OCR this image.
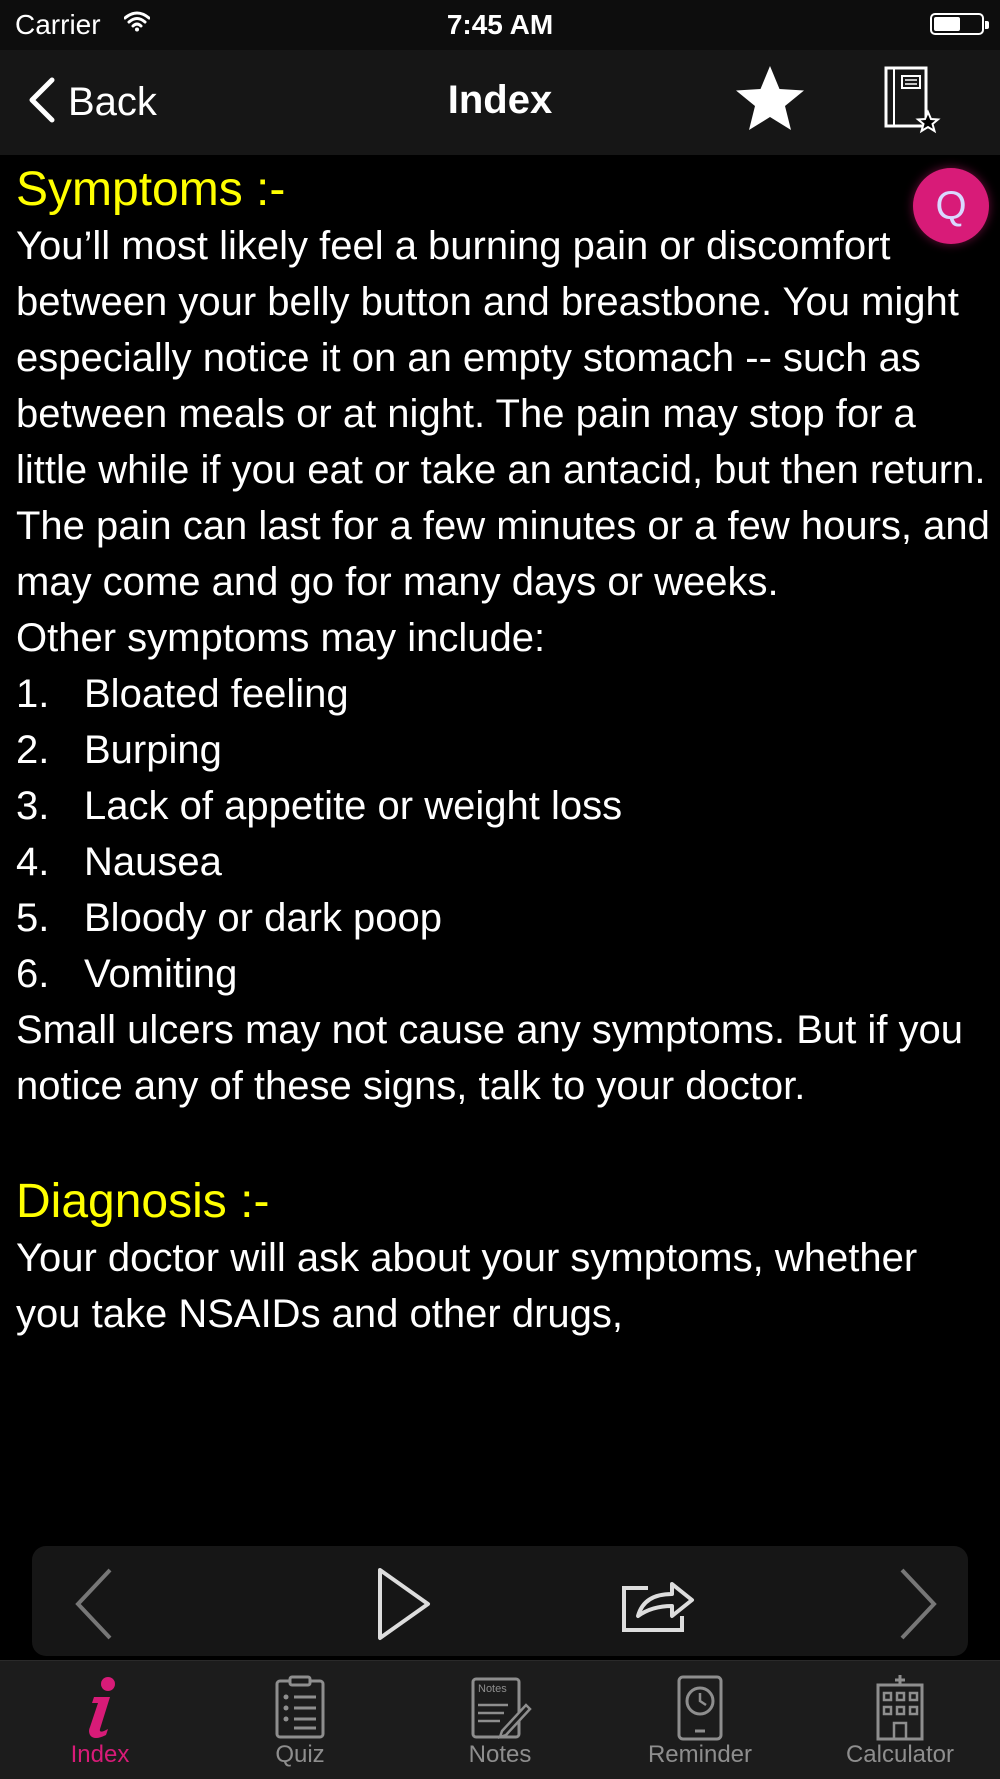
Carrier	7:45 AM
Back	Index

Symptoms :-

You’ll most likely feel a burning pain or discomfort between your belly button and breastbone. You might especially notice it on an empty stomach -- such as between meals or at night. The pain may stop for a little while if you eat or take an antacid, but then return. The pain can last for a few minutes or a few hours, and may come and go for many days or weeks.

Other symptoms may include:

1. Bloated feeling
2. Burping
3. Lack of appetite or weight loss
4. Nausea
5. Bloody or dark poop
6. Vomiting

Small ulcers may not cause any symptoms. But if you notice any of these signs, talk to your doctor.

Diagnosis :-

Your doctor will ask about your symptoms, whether you take NSAIDs and other drugs,

Q
Index	Quiz
Notes
Notes	Reminder	Calculator
